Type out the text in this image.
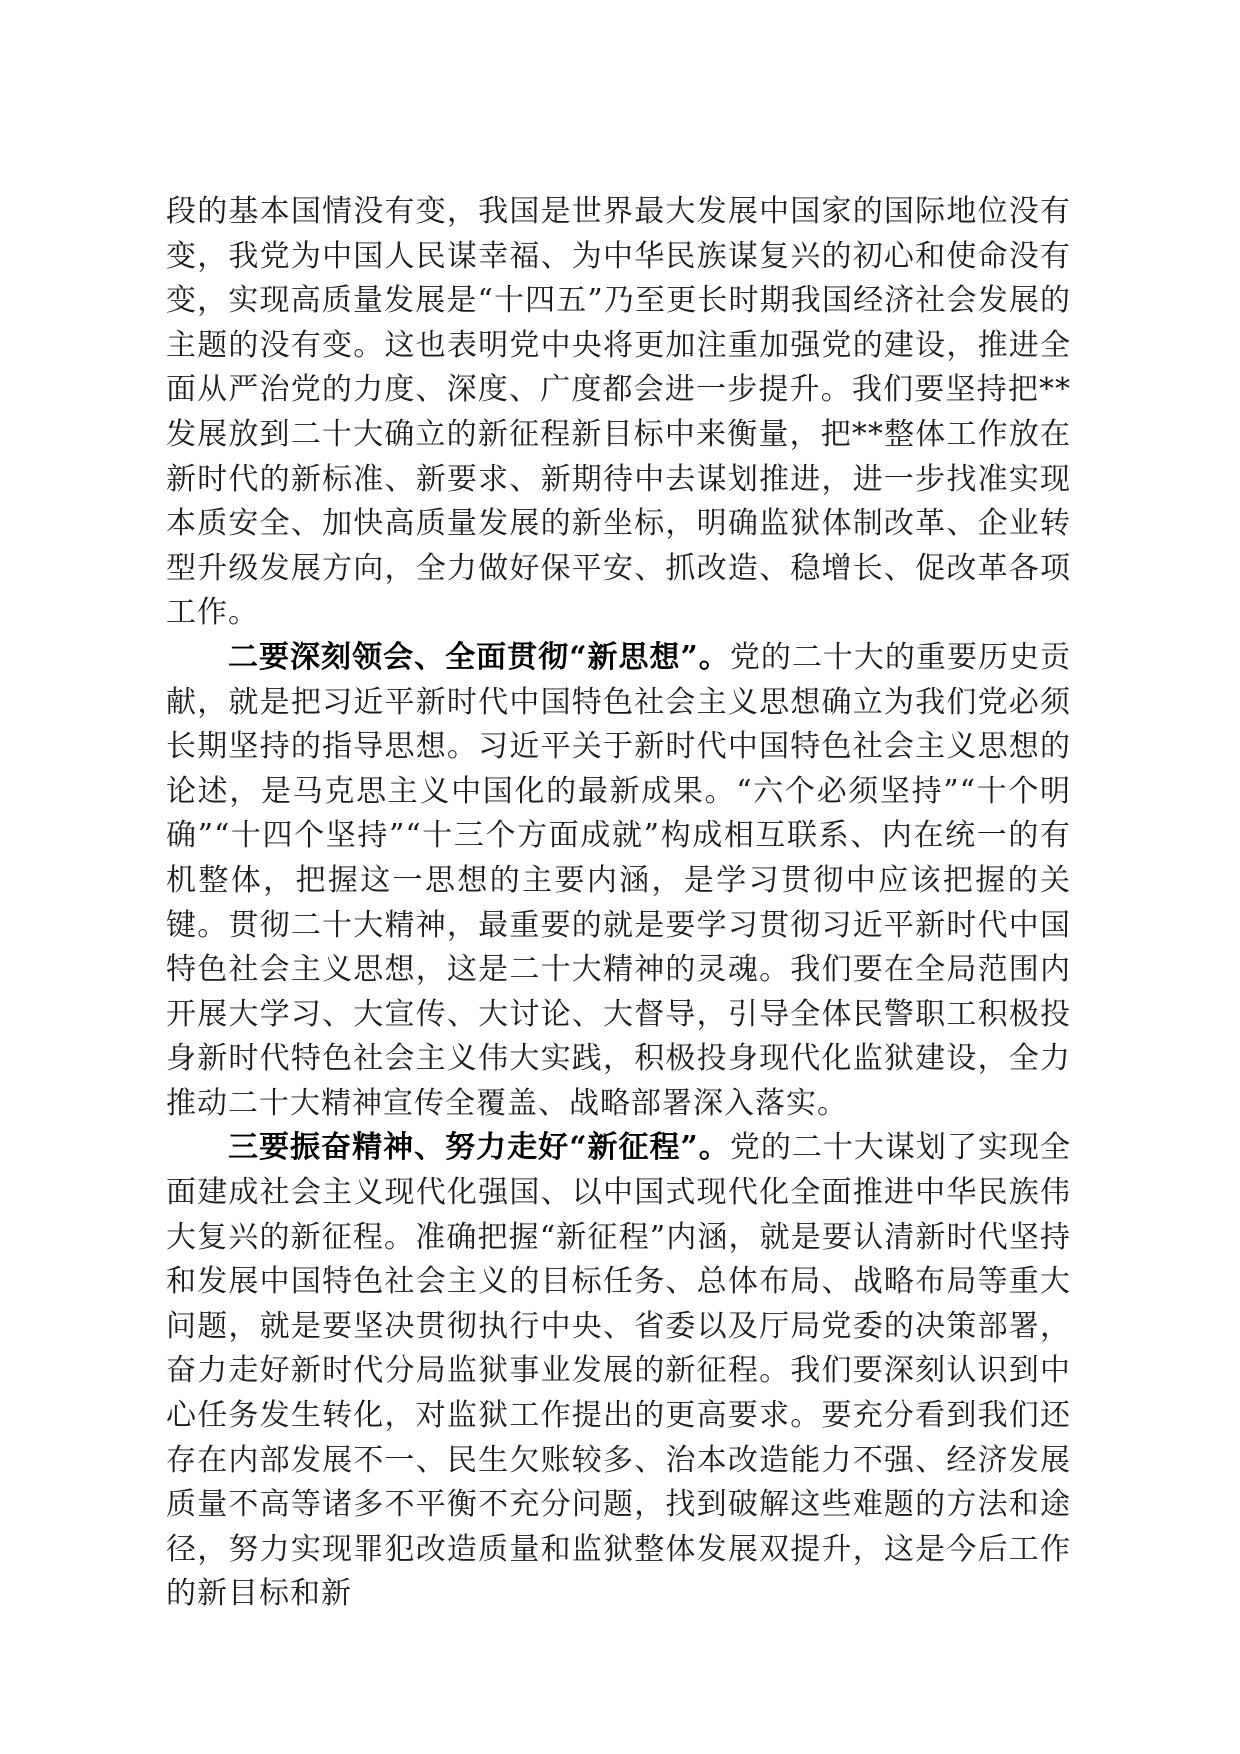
段的基本国情没有变，我国是世界最大发展中国家的国际地位没有变，我党为中国人民谋幸福、为中华民族谋复兴的初心和使命没有变，实现高质量发展是“十四五”乃至更长时期我国经济社会发展的主题的没有变。这也表明党中央将更加注重加强党的建设，推进全面从严治党的力度、深度、广度都会进一步提升。我们要坚持把**发展放到二十大确立的新征程新目标中来衡量，把**整体工作放在新时代的新标准、新要求、新期待中去谋划推进，进一步找准实现本质安全、加快高质量发展的新坐标，明确监狱体制改革、企业转型升级发展方向，全力做好保平安、抓改造、稳增长、促改革各项工作。

二要深刻领会、全面贯彻“新思想”。党的二十大的重要历史贡献，就是把习近平新时代中国特色社会主义思想确立为我们党必须长期坚持的指导思想。习近平关于新时代中国特色社会主义思想的论述，是马克思主义中国化的最新成果。“六个必须坚持”“十个明确”“十四个坚持”“十三个方面成就”构成相互联系、内在统一的有机整体，把握这一思想的主要内涵，是学习贯彻中应该把握的关键。贯彻二十大精神，最重要的就是要学习贯彻习近平新时代中国特色社会主义思想，这是二十大精神的灵魂。我们要在全局范围内开展大学习、大宣传、大讨论、大督导，引导全体民警职工积极投身新时代特色社会主义伟大实践，积极投身现代化监狱建设，全力推动二十大精神宣传全覆盖、战略部署深入落实。

三要振奋精神、努力走好“新征程”。党的二十大谋划了实现全面建成社会主义现代化强国、以中国式现代化全面推进中华民族伟大复兴的新征程。准确把握“新征程”内涵，就是要认清新时代坚持和发展中国特色社会主义的目标任务、总体布局、战略布局等重大问题，就是要坚决贯彻执行中央、省委以及厅局党委的决策部署，奋力走好新时代分局监狱事业发展的新征程。我们要深刻认识到中心任务发生转化，对监狱工作提出的更高要求。要充分看到我们还存在内部发展不一、民生欠账较多、治本改造能力不强、经济发展质量不高等诸多不平衡不充分问题，找到破解这些难题的方法和途径，努力实现罪犯改造质量和监狱整体发展双提升，这是今后工作的新目标和新
